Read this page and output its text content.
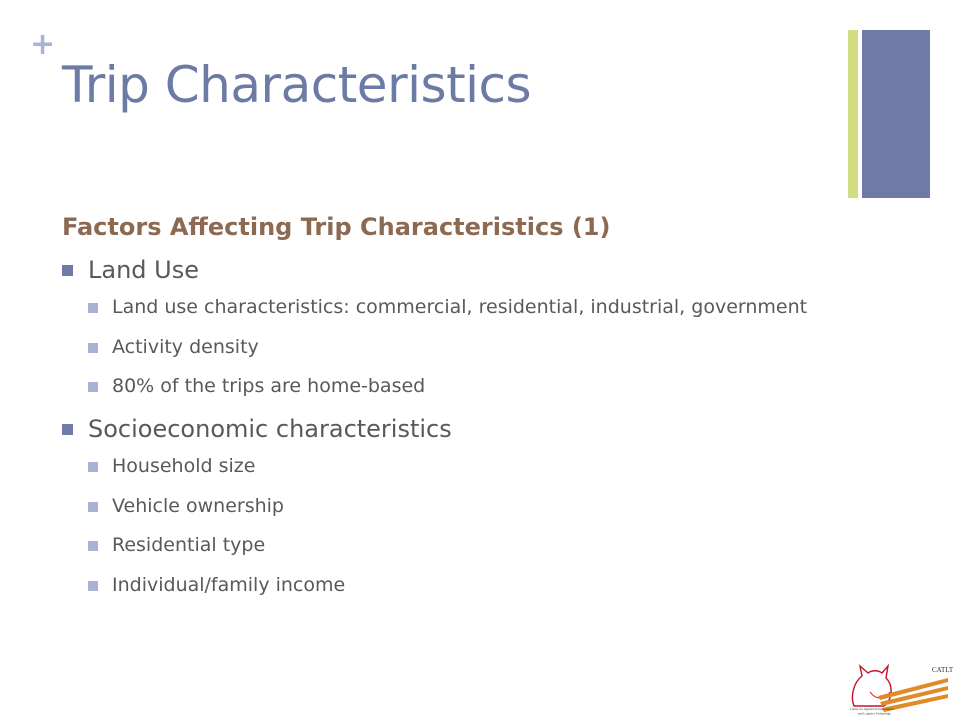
+
Trip Characteristics
Factors Affecting Trip Characteristics (1)
Land Use
Land use characteristics: commercial, residential, industrial, government
Activity density
80% of the trips are home-based
Socioeconomic characteristics
Household size
Vehicle ownership
Residential type
Individual/family income
CATLT
Center for Applied Transportation
and Logistics Technology
